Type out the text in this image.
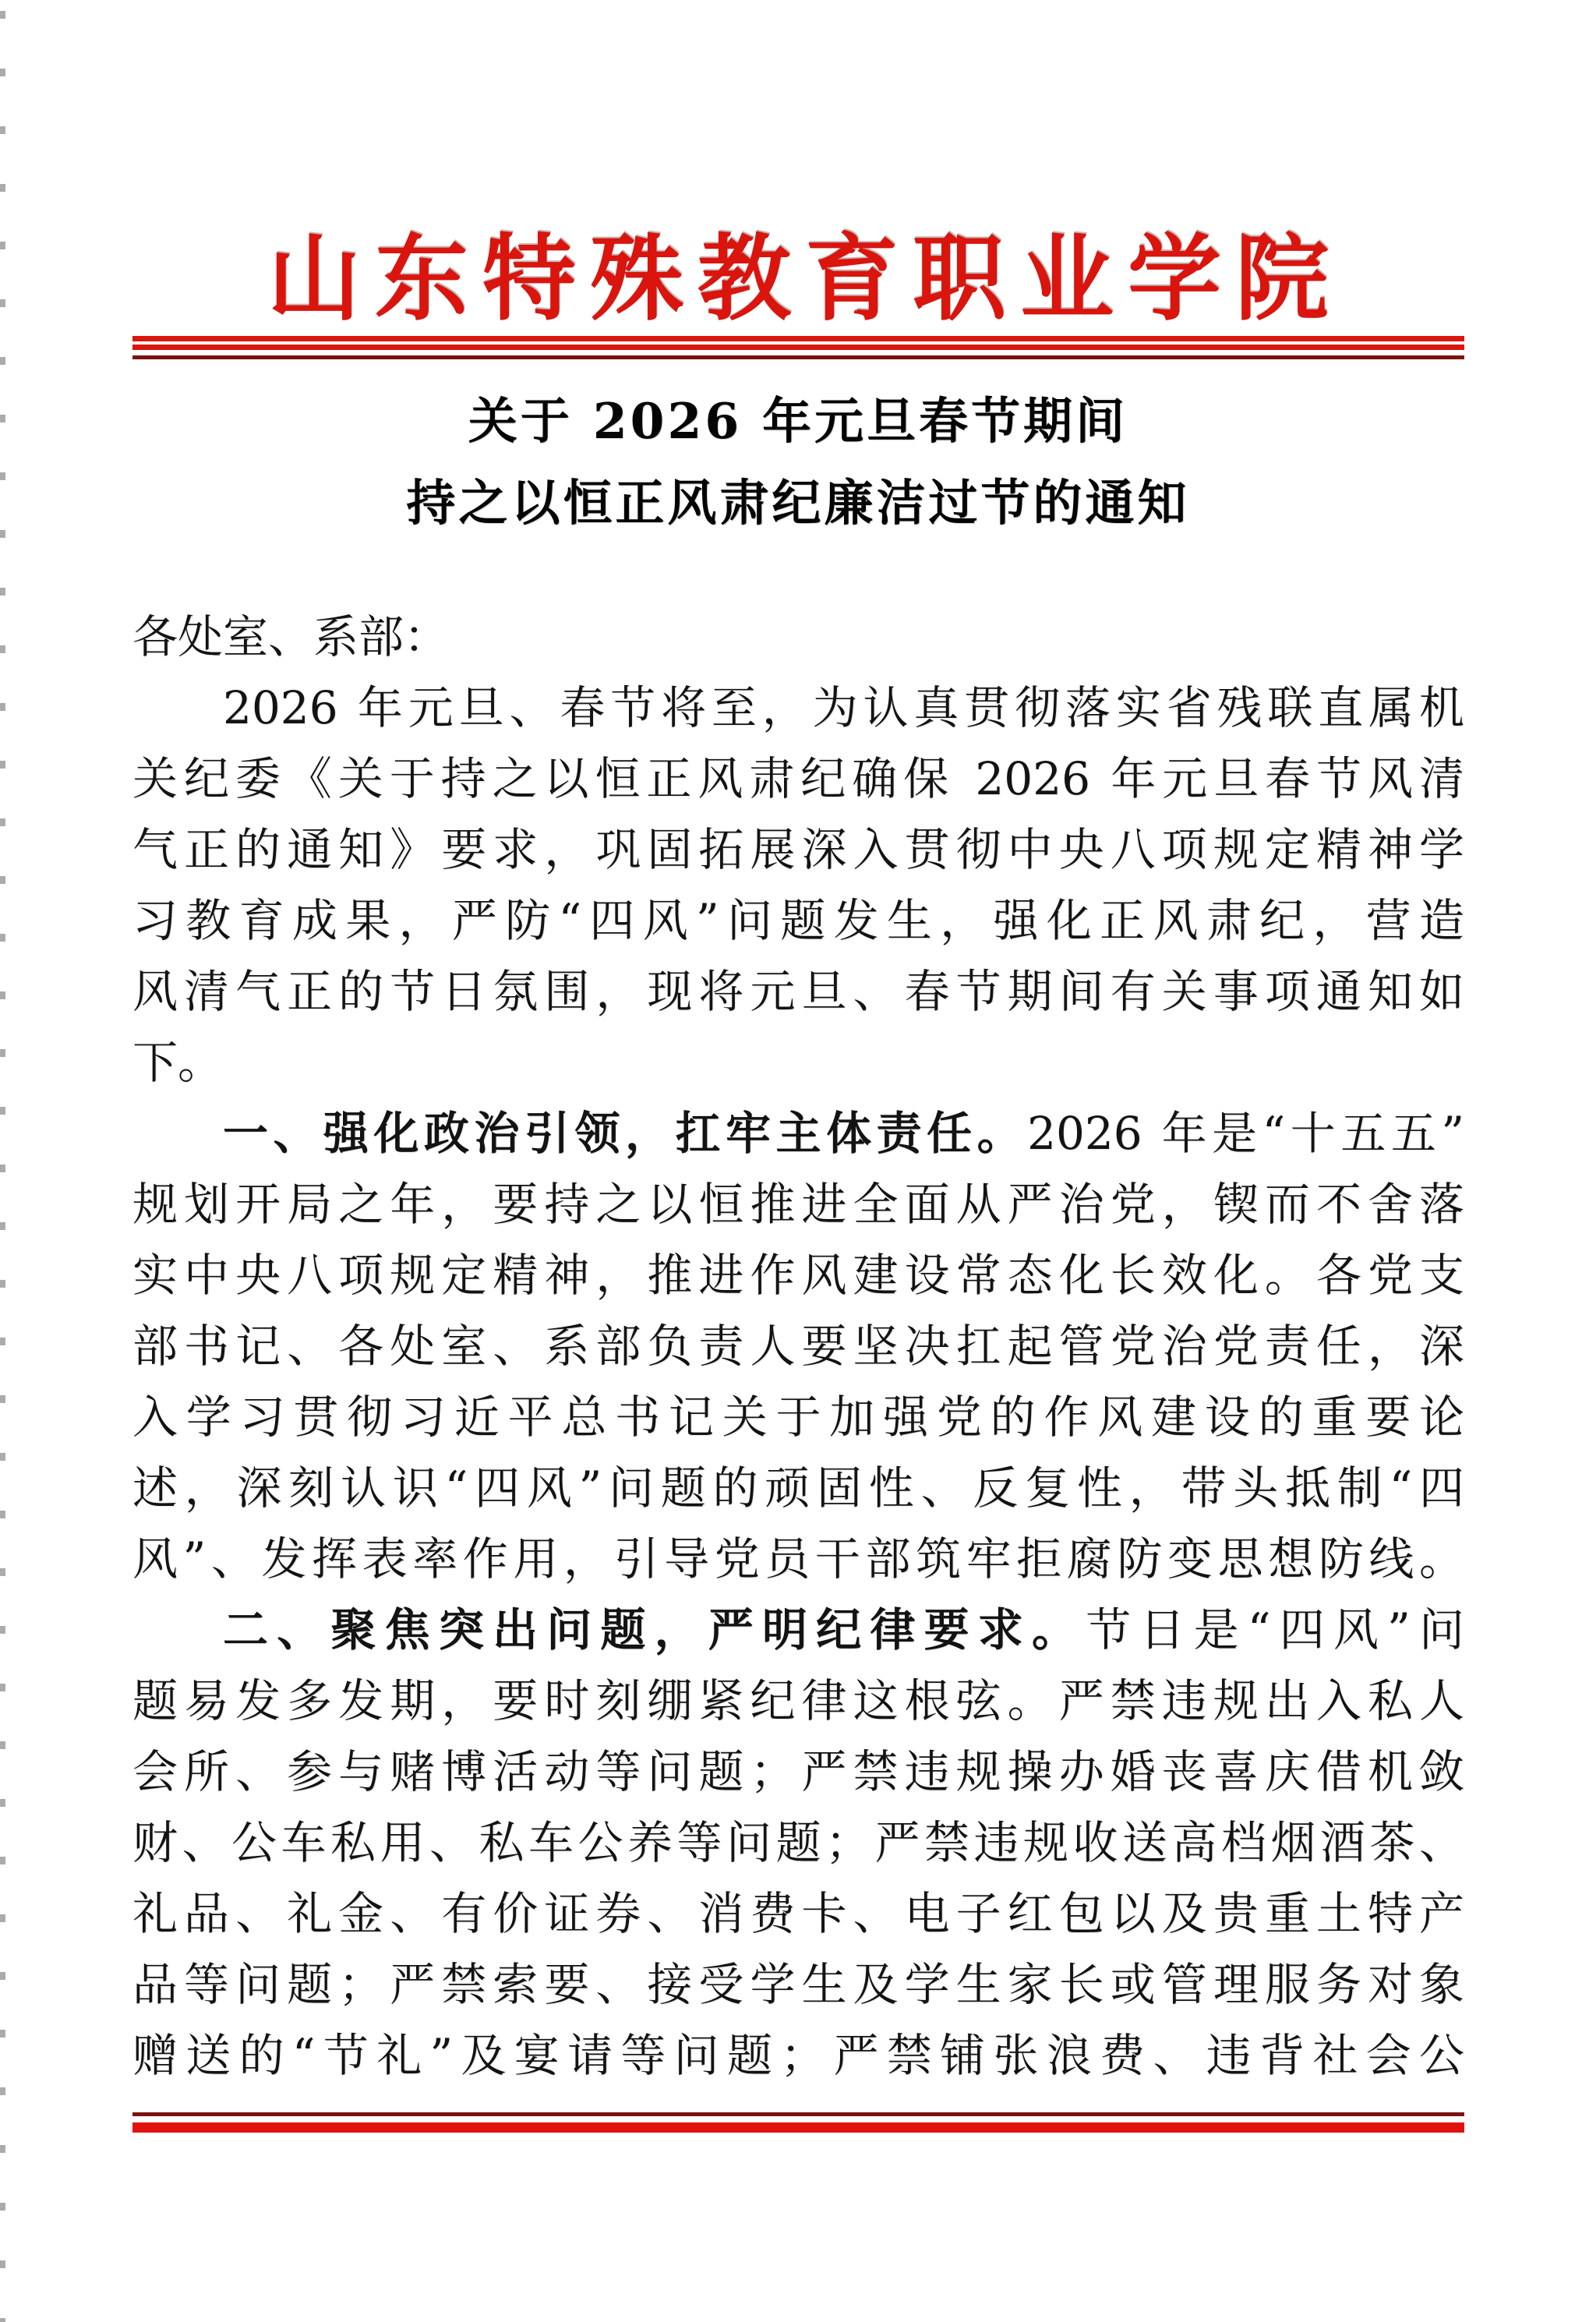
山东特殊教育职业学院
关于 2026 年元旦春节期间
持之以恒正风肃纪廉洁过节的通知
各处室、系部：
2026 年元旦、春节将至，为认真贯彻落实省残联直属机
关纪委《关于持之以恒正风肃纪确保 2026 年元旦春节风清
气正的通知》要求，巩固拓展深入贯彻中央八项规定精神学
习教育成果，严防“四风”问题发生，强化正风肃纪，营造
风清气正的节日氛围，现将元旦、春节期间有关事项通知如
下。
一、强化政治引领，扛牢主体责任。2026 年是“十五五”
规划开局之年，要持之以恒推进全面从严治党，锲而不舍落
实中央八项规定精神，推进作风建设常态化长效化。各党支
部书记、各处室、系部负责人要坚决扛起管党治党责任，深
入学习贯彻习近平总书记关于加强党的作风建设的重要论
述，深刻认识“四风”问题的顽固性、反复性，带头抵制“四
风”、发挥表率作用，引导党员干部筑牢拒腐防变思想防线。
二、聚焦突出问题，严明纪律要求。节日是“四风”问
题易发多发期，要时刻绷紧纪律这根弦。严禁违规出入私人
会所、参与赌博活动等问题；严禁违规操办婚丧喜庆借机敛
财、公车私用、私车公养等问题；严禁违规收送高档烟酒茶、
礼品、礼金、有价证券、消费卡、电子红包以及贵重土特产
品等问题；严禁索要、接受学生及学生家长或管理服务对象
赠送的“节礼”及宴请等问题；严禁铺张浪费、违背社会公
